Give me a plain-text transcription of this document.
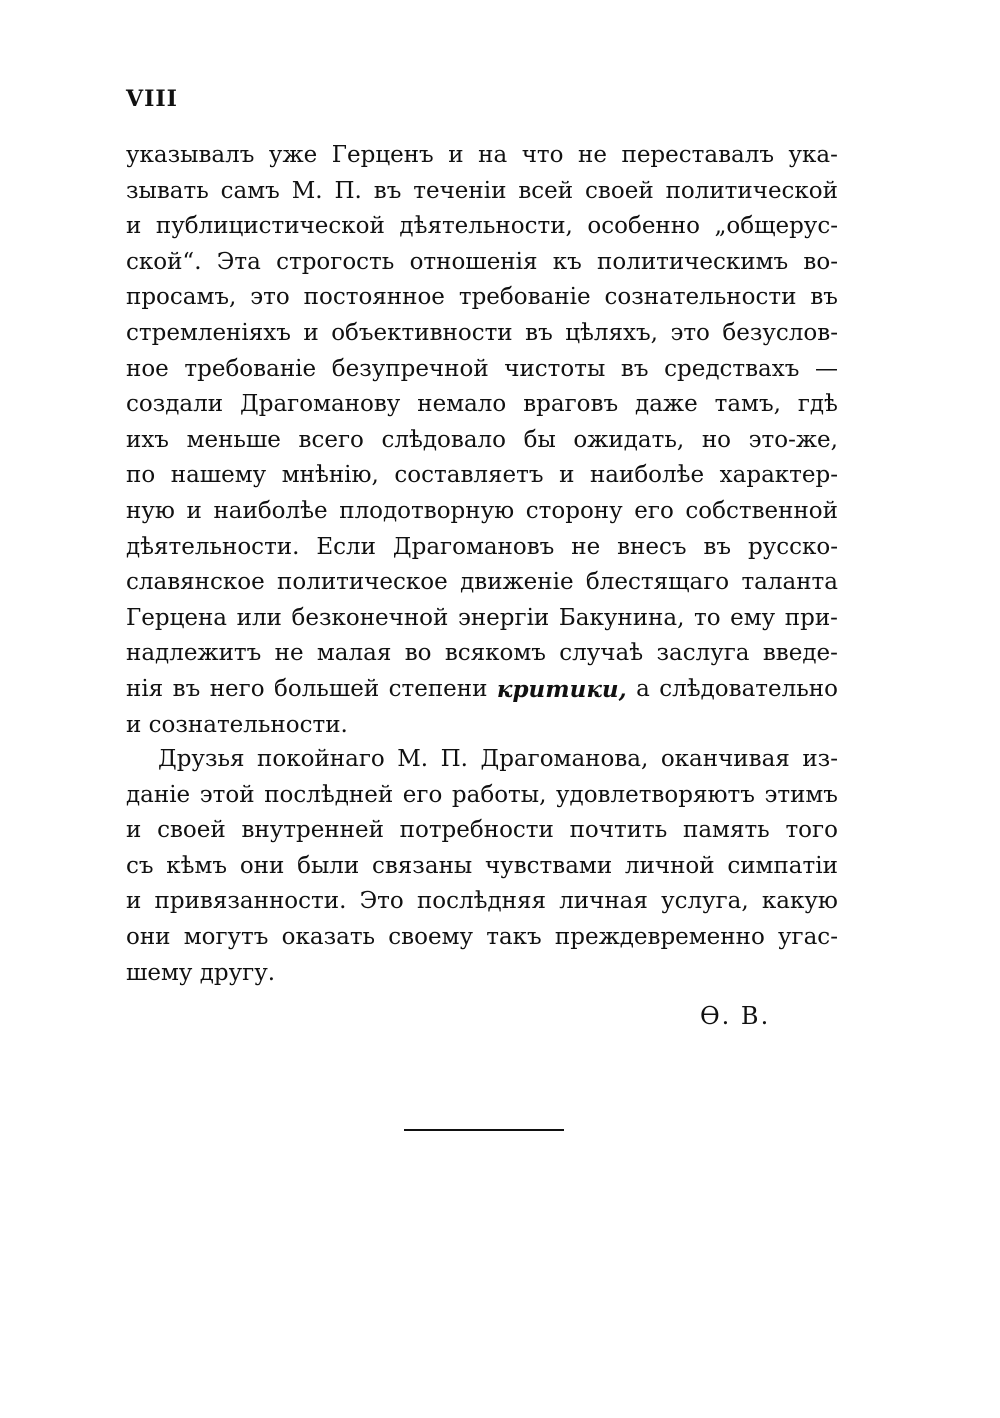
VIII

указывалъ уже Герценъ и на что не переставалъ ука-
зывать самъ М. П. въ теченіи всей своей политической
и публицистической дѣятельности, особенно „общерус-
ской“. Эта строгость отношенія къ политическимъ во-
просамъ, это постоянное требованіе сознательности въ
стремленіяхъ и объективности въ цѣляхъ, это безуслов-
ное требованіе безупречной чистоты въ средствахъ —
создали Драгоманову немало враговъ даже тамъ, гдѣ
ихъ меньше всего слѣдовало бы ожидать, но это-же,
по нашему мнѣнію, составляетъ и наиболѣе характер-
ную и наиболѣе плодотворную сторону его собственной
дѣятельности. Если Драгомановъ не внесъ въ русско-
славянское политическое движеніе блестящаго таланта
Герцена или безконечной энергіи Бакунина, то ему при-
надлежитъ не малая во всякомъ случаѣ заслуга введе-
нія въ него большей степени критики, а слѣдовательно
и сознательности.
Друзья покойнаго М. П. Драгоманова, оканчивая из-
даніе этой послѣдней его работы, удовлетворяютъ этимъ
и своей внутренней потребности почтить память того
съ кѣмъ они были связаны чувствами личной симпатіи
и привязанности. Это послѣдняя личная услуга, какую
они могутъ оказать своему такъ преждевременно угас-
шему другу.

Ѳ. В.
